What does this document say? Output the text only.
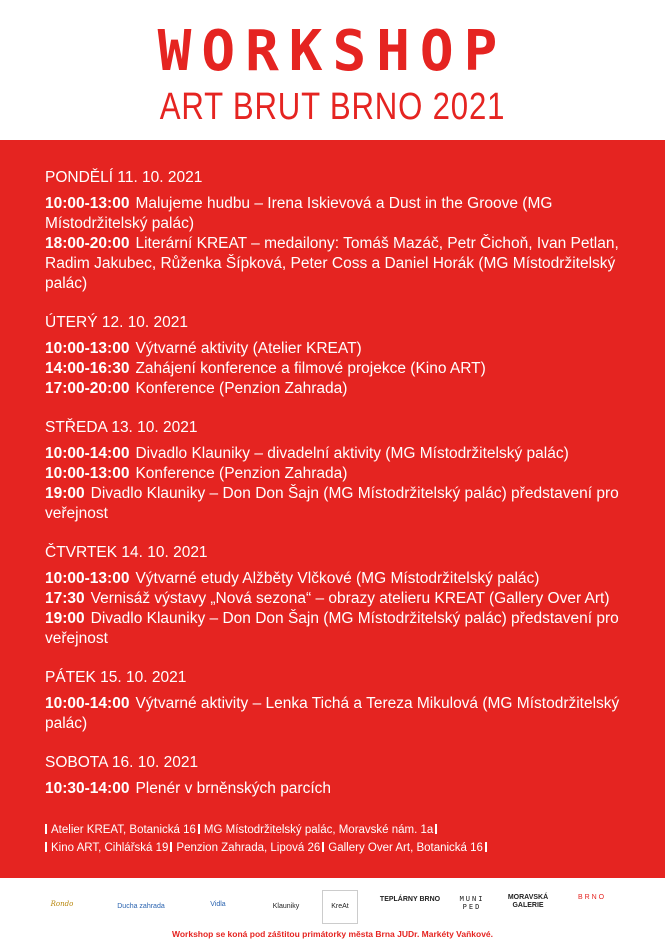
WORKSHOP
ART BRUT BRNO 2021
PONDĚLÍ 11. 10. 2021
10:00-13:00 Malujeme hudbu – Irena Iskievová a Dust in the Groove (MG Místodržitelský palác)
18:00-20:00 Literární KREAT – medailony: Tomáš Mazáč, Petr Čichoň, Ivan Petlan, Radim Jakubec, Růženka Šípková, Peter Coss a Daniel Horák (MG Místodržitelský palác)
ÚTERÝ 12. 10. 2021
10:00-13:00 Výtvarné aktivity (Atelier KREAT)
14:00-16:30 Zahájení konference a filmové projekce (Kino ART)
17:00-20:00 Konference (Penzion Zahrada)
STŘEDA 13. 10. 2021
10:00-14:00 Divadlo Klauniky – divadelní aktivity (MG Místodržitelský palác)
10:00-13:00 Konference (Penzion Zahrada)
19:00 Divadlo Klauniky – Don Don Šajn (MG Místodržitelský palác) představení pro veřejnost
ČTVRTEK 14. 10. 2021
10:00-13:00 Výtvarné etudy Alžběty Vlčkové (MG Místodržitelský palác)
17:30 Vernisáž výstavy „Nová sezona“ – obrazy atelieru KREAT (Gallery Over Art)
19:00 Divadlo Klauniky – Don Don Šajn (MG Místodržitelský palác) představení pro veřejnost
PÁTEK 15. 10. 2021
10:00-14:00 Výtvarné aktivity – Lenka Tichá a Tereza Mikulová (MG Místodržitelský palác)
SOBOTA 16. 10. 2021
10:30-14:00 Plenér v brněnských parcích
Atelier KREAT, Botanická 16 MG Místodržitelský palác, Moravské nám. 1a
Kino ART, Cihlářská 19 Penzion Zahrada, Lipová 26 Gallery Over Art, Botanická 16
Rondo	Ducha zahrada	Vidla	Klauniky	KreAt
TEPLÁRNY BRNO	MUNI PED
MORAVSKÁ GALERIE
B R N O
Workshop se koná pod záštitou primátorky města Brna JUDr. Markéty Vaňkové.
